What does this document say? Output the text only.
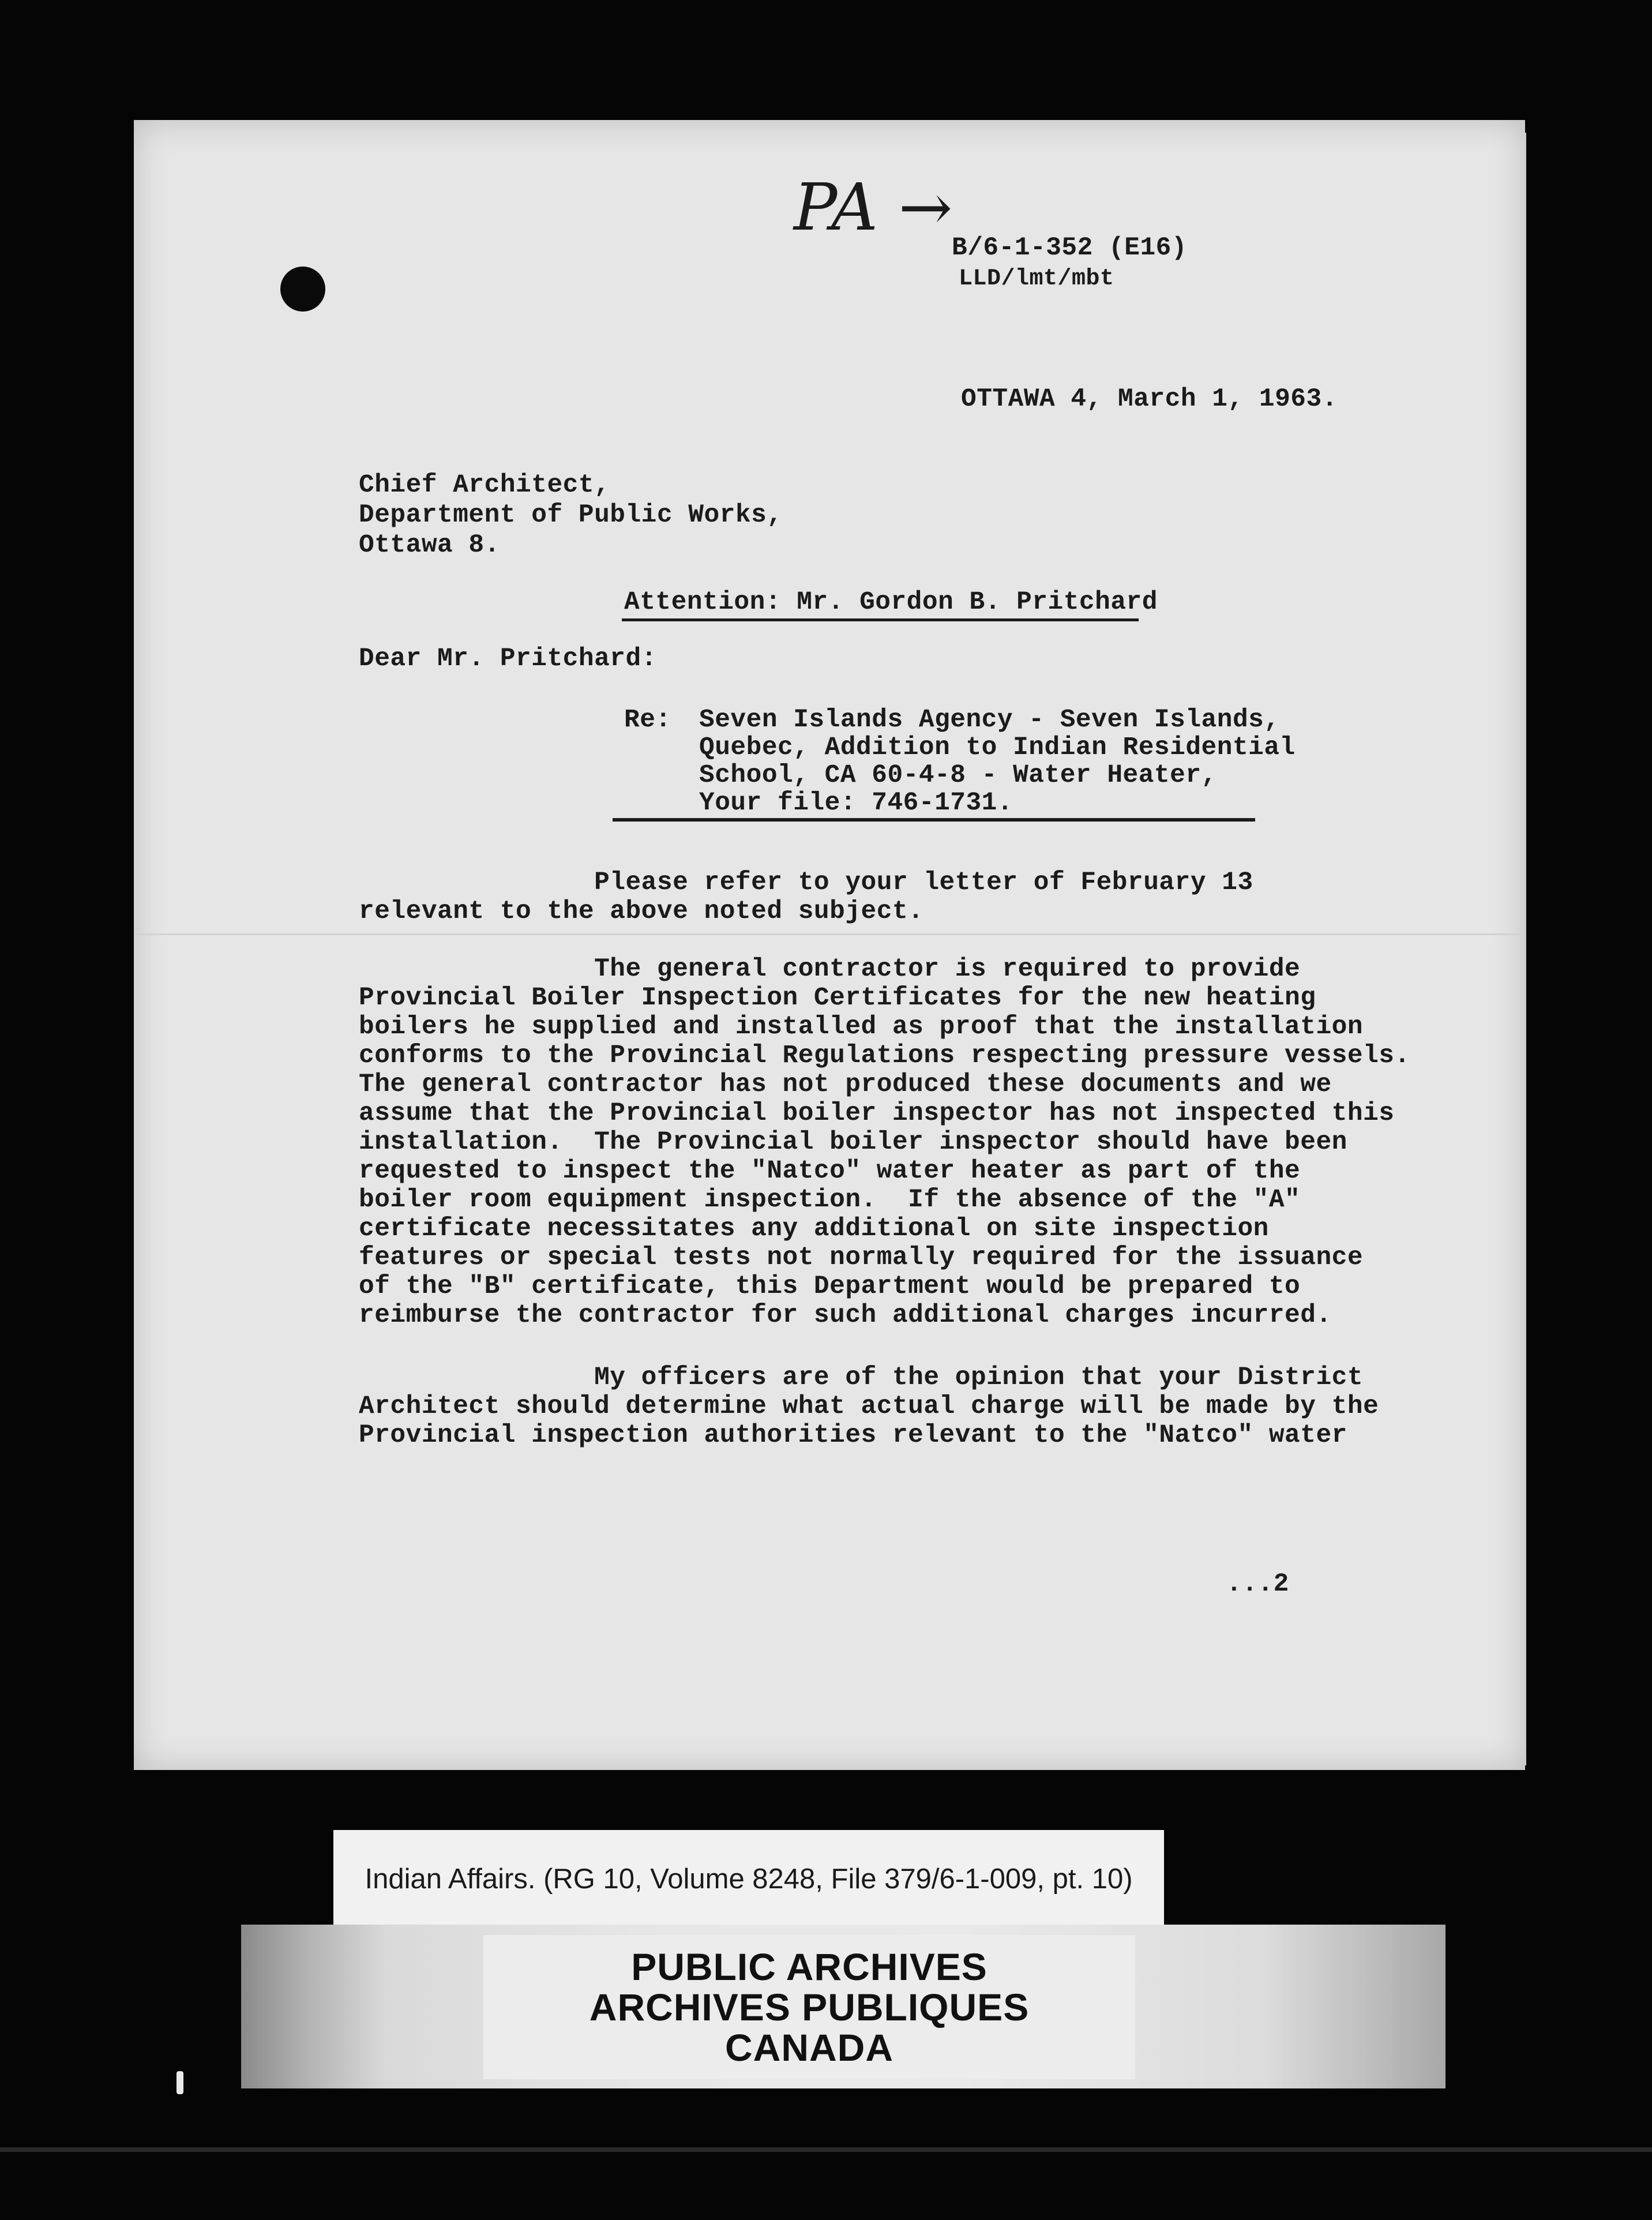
PA →
B/6-1-352 (E16)
LLD/lmt/mbt
OTTAWA 4, March 1, 1963.
Chief Architect,
Department of Public Works,
Ottawa 8.
Attention: Mr. Gordon B. Pritchard
Dear Mr. Pritchard:
Re: Seven Islands Agency - Seven Islands,
Quebec, Addition to Indian Residential
School, CA 60-4-8 - Water Heater,
Your file: 746-1731.
Please refer to your letter of February 13
relevant to the above noted subject.
The general contractor is required to provide
Provincial Boiler Inspection Certificates for the new heating
boilers he supplied and installed as proof that the installation
conforms to the Provincial Regulations respecting pressure vessels.
The general contractor has not produced these documents and we
assume that the Provincial boiler inspector has not inspected this
installation.  The Provincial boiler inspector should have been
requested to inspect the "Natco" water heater as part of the
boiler room equipment inspection.  If the absence of the "A"
certificate necessitates any additional on site inspection
features or special tests not normally required for the issuance
of the "B" certificate, this Department would be prepared to
reimburse the contractor for such additional charges incurred.
My officers are of the opinion that your District
Architect should determine what actual charge will be made by the
Provincial inspection authorities relevant to the "Natco" water
...2
Indian Affairs. (RG 10, Volume 8248, File 379/6-1-009, pt. 10)
PUBLIC ARCHIVES
ARCHIVES PUBLIQUES
CANADA
